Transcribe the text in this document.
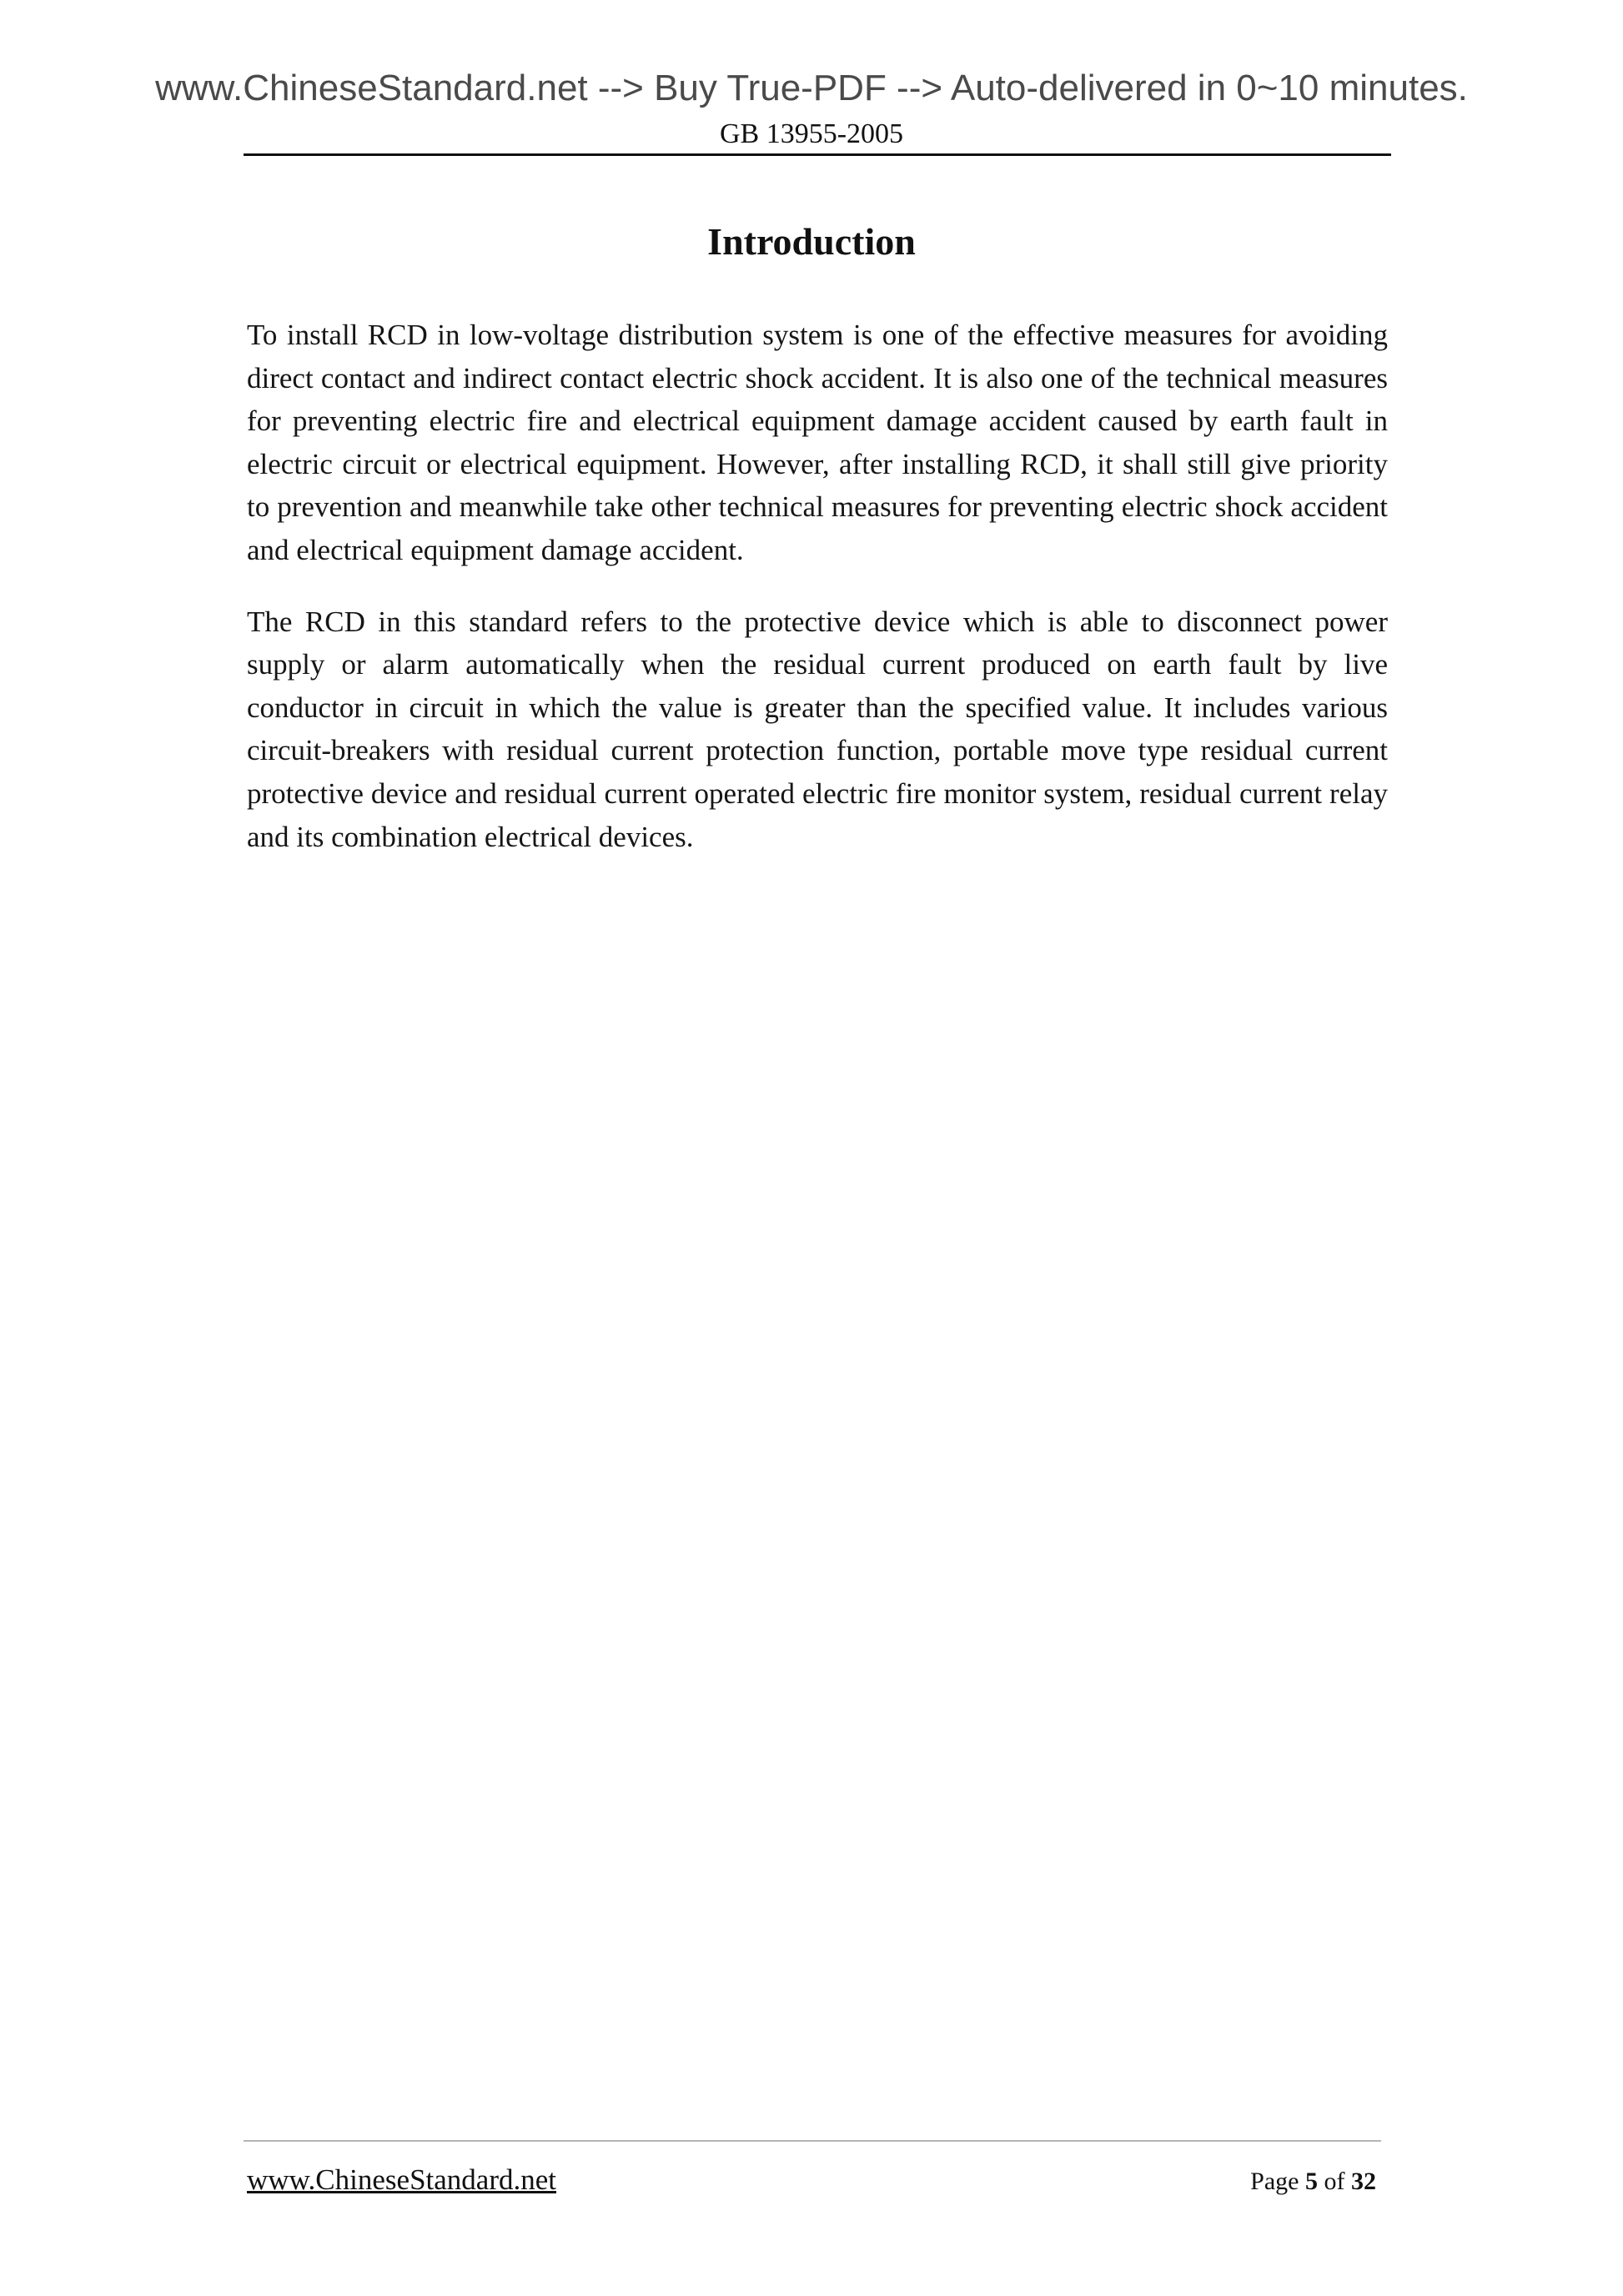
www.ChineseStandard.net --> Buy True-PDF --> Auto-delivered in 0~10 minutes.
GB 13955-2005
Introduction

To install RCD in low-voltage distribution system is one of the effective measures for avoiding direct contact and indirect contact electric shock accident. It is also one of the technical measures for preventing electric fire and electrical equipment damage accident caused by earth fault in electric circuit or electrical equipment. However, after installing RCD, it shall still give priority to prevention and meanwhile take other technical measures for preventing electric shock accident and electrical equipment damage accident.

The RCD in this standard refers to the protective device which is able to disconnect power supply or alarm automatically when the residual current produced on earth fault by live conductor in circuit in which the value is greater than the specified value. It includes various circuit-breakers with residual current protection function, portable move type residual current protective device and residual current operated electric fire monitor system, residual current relay and its combination electrical devices.

www.ChineseStandard.net	Page 5 of 32
